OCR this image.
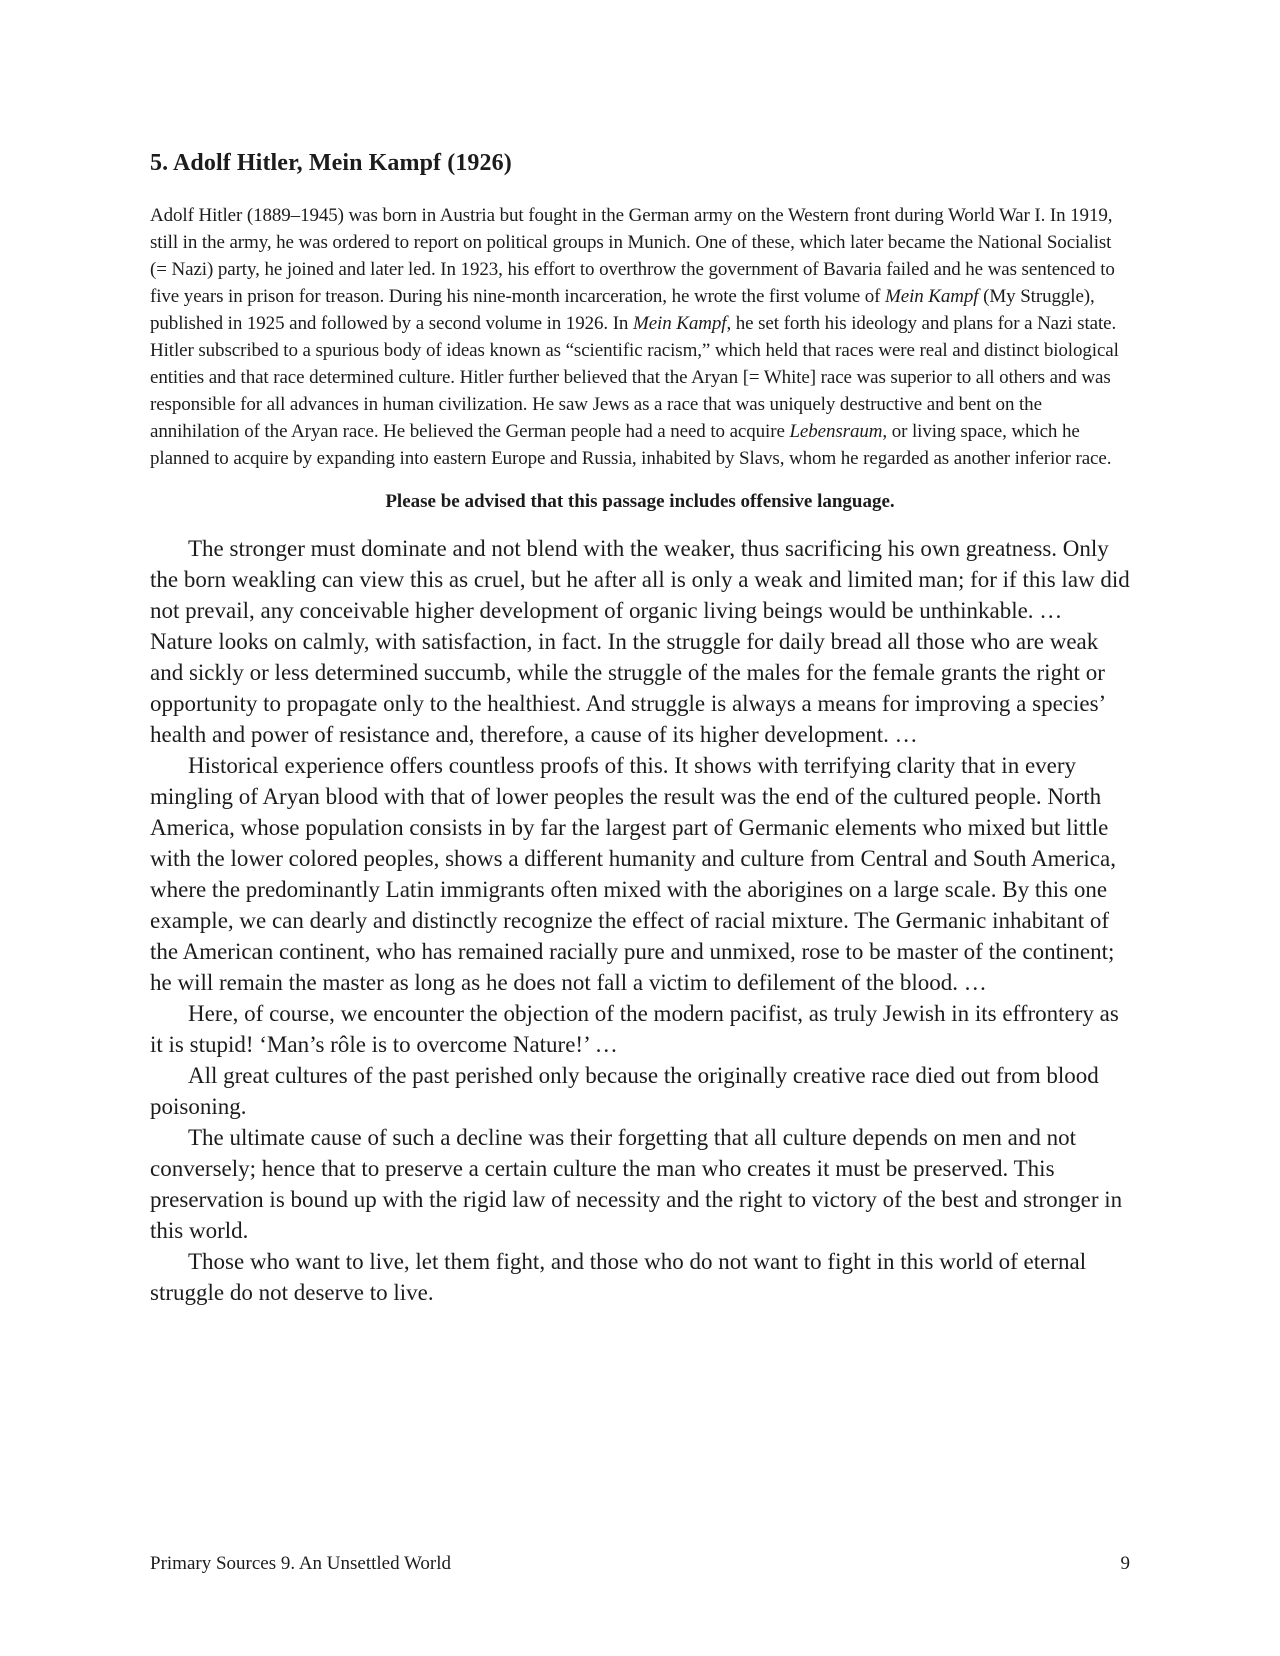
5. Adolf Hitler, Mein Kampf (1926)

Adolf Hitler (1889–1945) was born in Austria but fought in the German army on the Western front during World War I. In 1919, still in the army, he was ordered to report on political groups in Munich. One of these, which later became the National Socialist (= Nazi) party, he joined and later led. In 1923, his effort to overthrow the government of Bavaria failed and he was sentenced to five years in prison for treason. During his nine-month incarceration, he wrote the first volume of Mein Kampf (My Struggle), published in 1925 and followed by a second volume in 1926. In Mein Kampf, he set forth his ideology and plans for a Nazi state. Hitler subscribed to a spurious body of ideas known as “scientific racism,” which held that races were real and distinct biological entities and that race determined culture. Hitler further believed that the Aryan [= White] race was superior to all others and was responsible for all advances in human civilization. He saw Jews as a race that was uniquely destructive and bent on the annihilation of the Aryan race. He believed the German people had a need to acquire Lebensraum, or living space, which he planned to acquire by expanding into eastern Europe and Russia, inhabited by Slavs, whom he regarded as another inferior race.

Please be advised that this passage includes offensive language.

The stronger must dominate and not blend with the weaker, thus sacrificing his own greatness. Only the born weakling can view this as cruel, but he after all is only a weak and limited man; for if this law did not prevail, any conceivable higher development of organic living beings would be unthinkable. … Nature looks on calmly, with satisfaction, in fact. In the struggle for daily bread all those who are weak and sickly or less determined succumb, while the struggle of the males for the female grants the right or opportunity to propagate only to the healthiest. And struggle is always a means for improving a species’ health and power of resistance and, therefore, a cause of its higher development. …

Historical experience offers countless proofs of this. It shows with terrifying clarity that in every mingling of Aryan blood with that of lower peoples the result was the end of the cultured people. North America, whose population consists in by far the largest part of Germanic elements who mixed but little with the lower colored peoples, shows a different humanity and culture from Central and South America, where the predominantly Latin immigrants often mixed with the aborigines on a large scale. By this one example, we can dearly and distinctly recognize the effect of racial mixture. The Germanic inhabitant of the American continent, who has remained racially pure and unmixed, rose to be master of the continent; he will remain the master as long as he does not fall a victim to defilement of the blood. …

Here, of course, we encounter the objection of the modern pacifist, as truly Jewish in its effrontery as it is stupid! ‘Man’s rôle is to overcome Nature!’ …

All great cultures of the past perished only because the originally creative race died out from blood poisoning.

The ultimate cause of such a decline was their forgetting that all culture depends on men and not conversely; hence that to preserve a certain culture the man who creates it must be preserved. This preservation is bound up with the rigid law of necessity and the right to victory of the best and stronger in this world.

Those who want to live, let them fight, and those who do not want to fight in this world of eternal struggle do not deserve to live.

Primary Sources 9. An Unsettled World	9
